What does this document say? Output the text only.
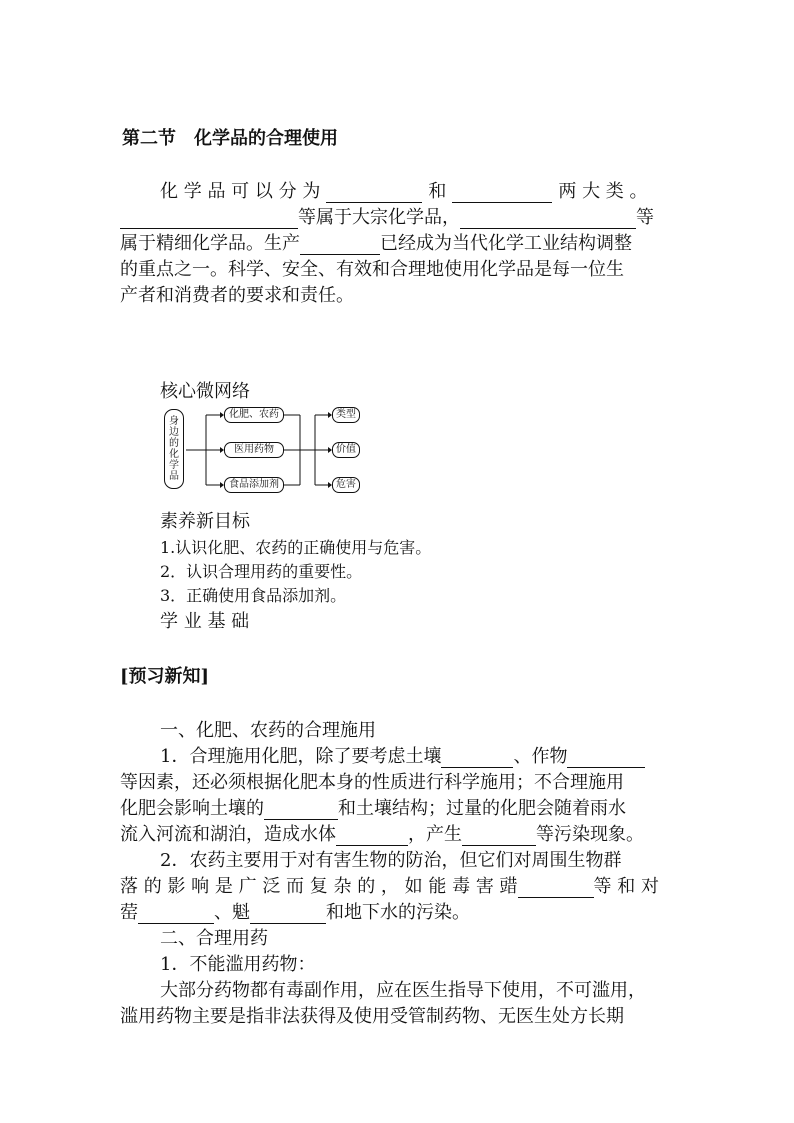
第二节　化学品的合理使用
化 学 品 可 以 分 为	和	两 大 类 。
等属于大宗化学品，	等
属于精细化学品。生产	已经成为当代化学工业结构调整
的重点之一。科学、安全、有效和合理地使用化学品是每一位生
产者和消费者的要求和责任。
核心微网络
身边的化学品
化肥、农药
医用药物
食品添加剂
类型
价值
危害
素养新目标
1.认识化肥、农药的正确使用与危害。
2．认识合理用药的重要性。
3．正确使用食品添加剂。
学 业 基 础
[预习新知]
一、化肥、农药的合理施用
1．合理施用化肥，除了要考虑土壤	、作物
等因素，还必须根据化肥本身的性质进行科学施用；不合理施用
化肥会影响土壤的	和土壤结构；过量的化肥会随着雨水
流入河流和湖泊，造成水体	，产生	等污染现象。
2．农药主要用于对有害生物的防治，但它们对周围生物群
落 的 影 响 是 广 泛 而 复 杂 的 ， 如 能 毒 害 䜺	等 和 对
䓨	、魁	和地下水的污染。
二、合理用药
1．不能滥用药物：
大部分药物都有毒副作用，应在医生指导下使用，不可滥用，
滥用药物主要是指非法获得及使用受管制药物、无医生处方长期
